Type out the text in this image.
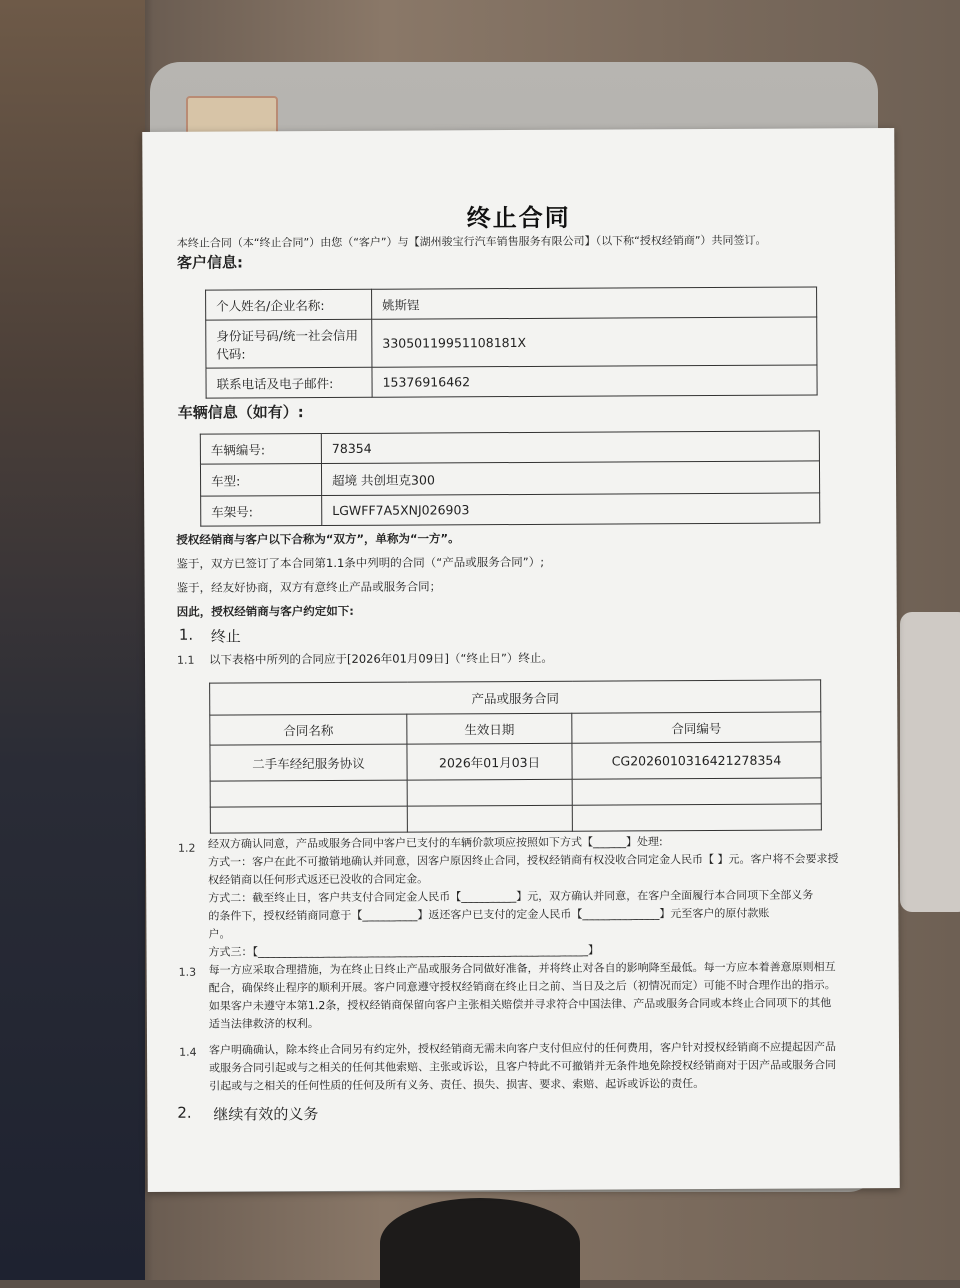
终止合同
本终止合同（本“终止合同”）由您（“客户”）与【湖州骏宝行汽车销售服务有限公司】（以下称“授权经销商”）共同签订。
客户信息:
个人姓名/企业名称:	姚斯锃
身份证号码/统一社会信用代码:	33050119951108181X
联系电话及电子邮件:	15376916462
车辆信息（如有）:
车辆编号:	78354
车型:	超境 共创坦克300
车架号:	LGWFF7A5XNJ026903
授权经销商与客户以下合称为“双方”，单称为“一方”。
鉴于，双方已签订了本合同第1.1条中列明的合同（“产品或服务合同”）;
鉴于，经友好协商，双方有意终止产品或服务合同；
因此，授权经销商与客户约定如下:
1. 终止
1.1 以下表格中所列的合同应于[2026年01月09日]（“终止日”）终止。
产品或服务合同		
合同名称	生效日期	合同编号
二手车经纪服务协议	2026年01月03日	CG2026010316421278354

1.2 经双方确认同意，产品或服务合同中客户已支付的车辆价款项应按照如下方式【______】处理:
方式一：客户在此不可撤销地确认并同意，因客户原因终止合同，授权经销商有权没收合同定金人民币【 】元。客户将不会要求授
权经销商以任何形式返还已没收的合同定金。
方式二：截至终止日，客户共支付合同定金人民币【__________】元，双方确认并同意，在客户全面履行本合同项下全部义务
的条件下，授权经销商同意于【__________】返还客户已支付的定金人民币【______________】元至客户的原付款账
户。
方式三：【____________________________________________________________】
1.3 每一方应采取合理措施，为在终止日终止产品或服务合同做好准备，并将终止对各自的影响降至最低。每一方应本着善意原则相互
配合，确保终止程序的顺利开展。客户同意遵守授权经销商在终止日之前、当日及之后（初情况而定）可能不时合理作出的指示。
如果客户未遵守本第1.2条，授权经销商保留向客户主张相关赔偿并寻求符合中国法律、产品或服务合同或本终止合同项下的其他
适当法律救济的权利。
1.4 客户明确确认，除本终止合同另有约定外，授权经销商无需未向客户支付但应付的任何费用，客户针对授权经销商不应提起因产品
或服务合同引起或与之相关的任何其他索赔、主张或诉讼，且客户特此不可撤销并无条件地免除授权经销商对于因产品或服务合同
引起或与之相关的任何性质的任何及所有义务、责任、损失、损害、要求、索赔、起诉或诉讼的责任。
2. 继续有效的义务
